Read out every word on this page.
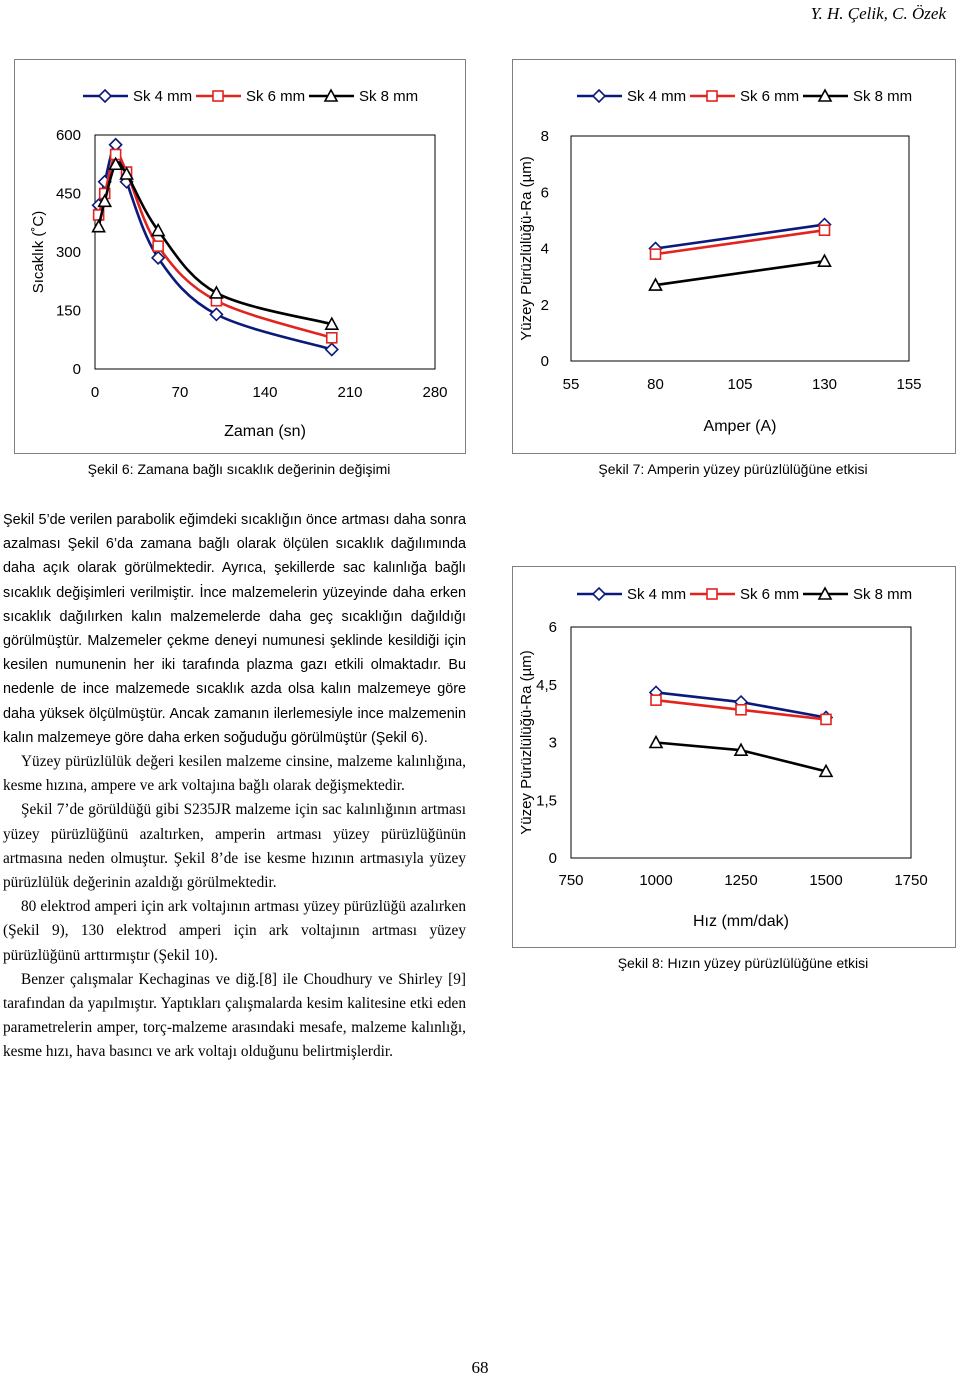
Y. H. Çelik, C. Özek
0
150
300
450
600
0	70	140	210	280
Zaman (sn)
Sıcaklık (˚C)
Sk 4 mm	Sk 6 mm	Sk 8 mm
Şekil 6: Zamana bağlı sıcaklık değerinin değişimi
0
2
4
6
8
55	80	105	130	155
Amper (A)
Yüzey Pürüzlülüğü-Ra (µm)
Sk 4 mm	Sk 6 mm	Sk 8 mm
Şekil 7: Amperin yüzey pürüzlülüğüne etkisi
0
1,5
3
4,5
6
750	1000	1250	1500	1750
Hız (mm/dak)
Yüzey Pürüzlülüğü-Ra (µm)
Sk 4 mm	Sk 6 mm	Sk 8 mm
Şekil 8: Hızın yüzey pürüzlülüğüne etkisi

Şekil 5’de verilen parabolik eğimdeki sıcaklığın önce artması daha sonra azalması Şekil 6’da zamana bağlı olarak ölçülen sıcaklık dağılımında daha açık olarak görülmektedir. Ayrıca, şekillerde sac kalınlığa bağlı sıcaklık değişimleri verilmiştir. İnce malzemelerin yüzeyinde daha erken sıcaklık dağılırken kalın malzemelerde daha geç sıcaklığın dağıldığı görülmüştür. Malzemeler çekme deneyi numunesi şeklinde kesildiği için kesilen numunenin her iki tarafında plazma gazı etkili olmaktadır. Bu nedenle de ince malzemede sıcaklık azda olsa kalın malzemeye göre daha yüksek ölçülmüştür. Ancak zamanın ilerlemesiyle ince malzemenin kalın malzemeye göre daha erken soğuduğu görülmüştür (Şekil 6).

Yüzey pürüzlülük değeri kesilen malzeme cinsine, malzeme kalınlığına, kesme hızına, ampere ve ark voltajına bağlı olarak değişmektedir.

Şekil 7’de görüldüğü gibi S235JR malzeme için sac kalınlığının artması yüzey pürüzlüğünü azaltırken, amperin artması yüzey pürüzlüğünün artmasına neden olmuştur. Şekil 8’de ise kesme hızının artmasıyla yüzey pürüzlülük değerinin azaldığı görülmektedir.

80 elektrod amperi için ark voltajının artması yüzey pürüzlüğü azalırken (Şekil 9), 130 elektrod amperi için ark voltajının artması yüzey pürüzlüğünü arttırmıştır (Şekil 10).

Benzer çalışmalar Kechaginas ve diğ.[8] ile Choudhury ve Shirley [9] tarafından da yapılmıştır. Yaptıkları çalışmalarda kesim kalitesine etki eden parametrelerin amper, torç-malzeme arasındaki mesafe, malzeme kalınlığı, kesme hızı, hava basıncı ve ark voltajı olduğunu belirtmişlerdir.

68
